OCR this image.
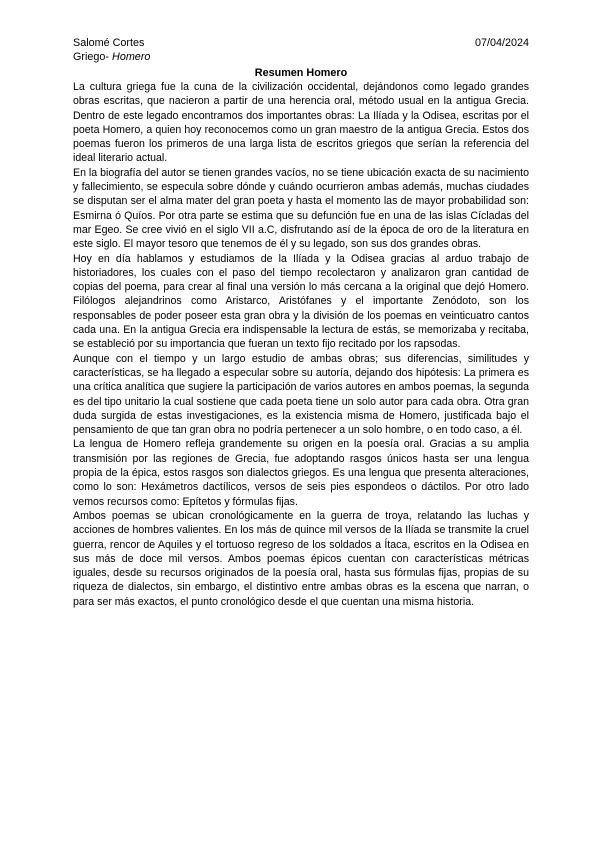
Salomé Cortes	07/04/2024
Griego- Homero
Resumen Homero

La cultura griega fue la cuna de la civilización occidental, dejándonos como legado grandes obras escritas, que nacieron a partir de una herencia oral, método usual en la antigua Grecia. Dentro de este legado encontramos dos importantes obras: La Ilíada y la Odisea, escritas por el poeta Homero, a quien hoy reconocemos como un gran maestro de la antigua Grecia. Estos dos poemas fueron los primeros de una larga lista de escritos griegos que serían la referencia del ideal literario actual.

En la biografía del autor se tienen grandes vacíos, no se tiene ubicación exacta de su nacimiento y fallecimiento, se especula sobre dónde y cuándo ocurrieron ambas además, muchas ciudades se disputan ser el alma mater del gran poeta y hasta el momento las de mayor probabilidad son: Esmirna ó Quíos. Por otra parte se estima que su defunción fue en una de las islas Cícladas del mar Egeo. Se cree vivió en el siglo VII a.C, disfrutando así de la época de oro de la literatura en este siglo. El mayor tesoro que tenemos de él y su legado, son sus dos grandes obras.

Hoy en día hablamos y estudiamos de la Ilíada y la Odisea gracias al arduo trabajo de historiadores, los cuales con el paso del tiempo recolectaron y analizaron gran cantidad de copias del poema, para crear al final una versión lo más cercana a la original que dejó Homero. Filólogos alejandrinos como Aristarco, Aristófanes y el importante Zenódoto, son los responsables de poder poseer esta gran obra y la división de los poemas en veinticuatro cantos cada una. En la antigua Grecia era indispensable la lectura de estás, se memorizaba y recitaba, se estableció por su importancia que fueran un texto fijo recitado por los rapsodas.

Aunque con el tiempo y un largo estudio de ambas obras; sus diferencias, similitudes y características, se ha llegado a especular sobre su autoría, dejando dos hipótesis: La primera es una crítica analítica que sugiere la participación de varios autores en ambos poemas, la segunda es del tipo unitario la cual sostiene que cada poeta tiene un solo autor para cada obra. Otra gran duda surgida de estas investigaciones, es la existencia misma de Homero, justificada bajo el pensamiento de que tan gran obra no podría pertenecer a un solo hombre, o en todo caso, a él.

La lengua de Homero refleja grandemente su origen en la poesía oral. Gracias a su amplia transmisión por las regiones de Grecia, fue adoptando rasgos únicos hasta ser una lengua propia de la épica, estos rasgos son dialectos griegos. Es una lengua que presenta alteraciones, como lo son: Hexámetros dactílicos, versos de seis pies espondeos o dáctilos. Por otro lado vemos recursos como: Epítetos y fórmulas fijas.

Ambos poemas se ubican cronológicamente en la guerra de troya, relatando las luchas y acciones de hombres valientes. En los más de quince mil versos de la Ilíada se transmite la cruel guerra, rencor de Aquiles y el tortuoso regreso de los soldados a Ítaca, escritos en la Odisea en sus más de doce mil versos. Ambos poemas épicos cuentan con características métricas iguales, desde su recursos originados de la poesía oral, hasta sus fórmulas fijas, propias de su riqueza de dialectos, sin embargo, el distintivo entre ambas obras es la escena que narran, o para ser más exactos, el punto cronológico desde el que cuentan una misma historia.
